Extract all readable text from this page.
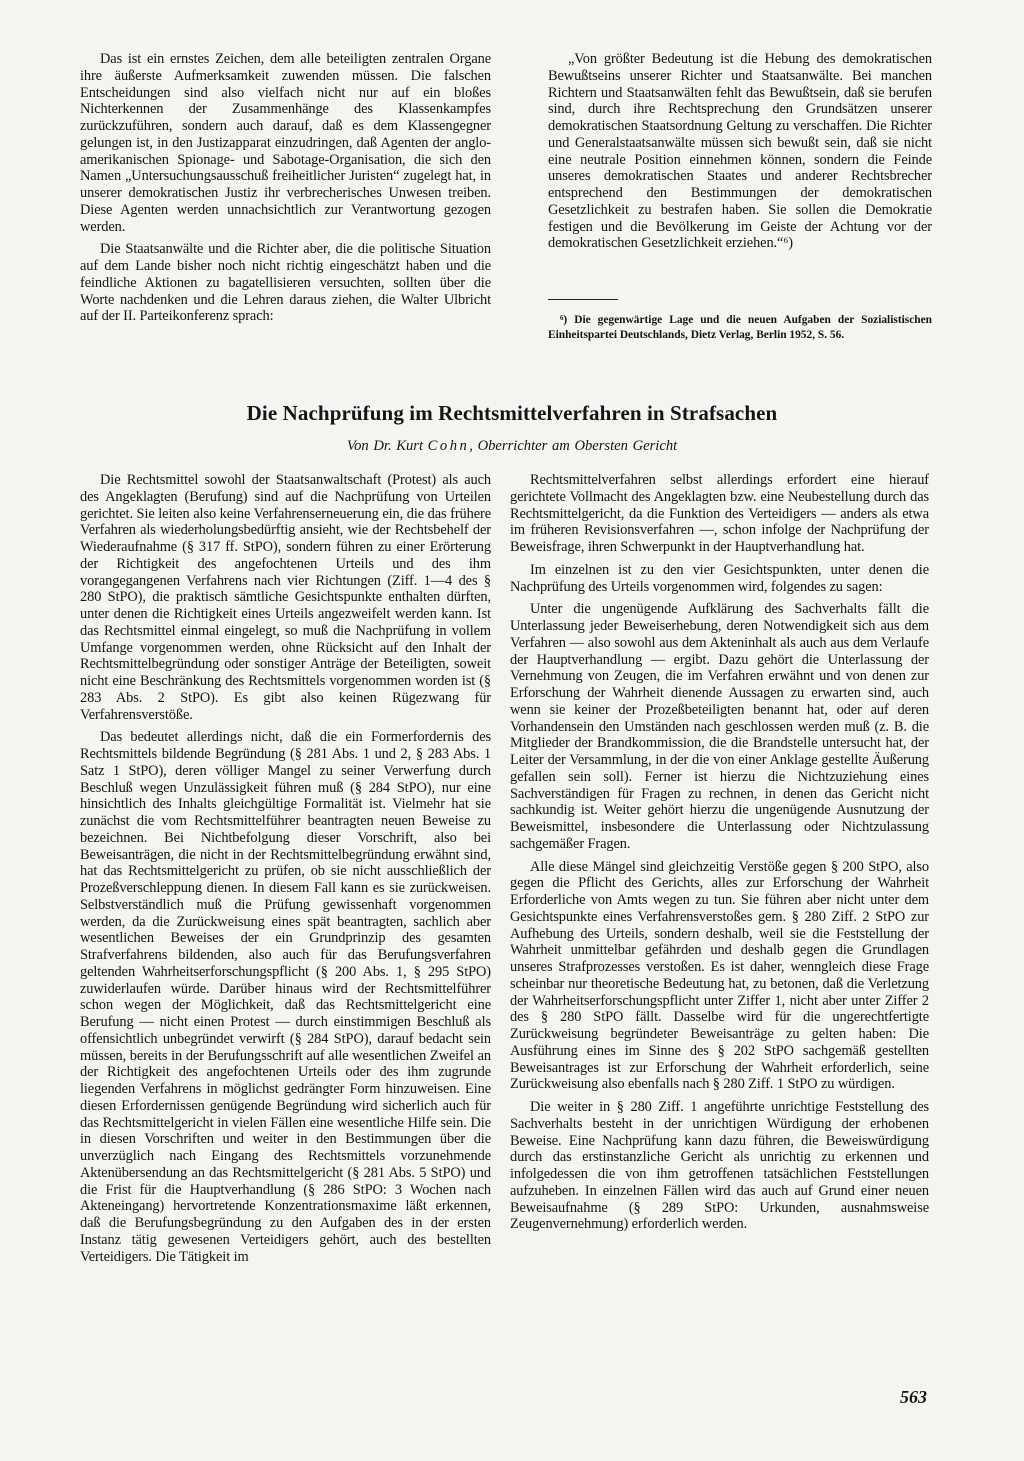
Das ist ein ernstes Zeichen, dem alle beteiligten zentralen Organe ihre äußerste Aufmerksamkeit zuwenden müssen. Die falschen Entscheidungen sind also vielfach nicht nur auf ein bloßes Nichterkennen der Zusammenhänge des Klassenkampfes zurückzuführen, sondern auch darauf, daß es dem Klassengegner gelungen ist, in den Justizapparat einzudringen, daß Agenten der anglo-amerikanischen Spionage- und Sabotage-Organisation, die sich den Namen „Untersuchungsausschuß freiheitlicher Juristen“ zugelegt hat, in unserer demokratischen Justiz ihr verbrecherisches Unwesen treiben. Diese Agenten werden unnachsichtlich zur Verantwortung gezogen werden.

Die Staatsanwälte und die Richter aber, die die politische Situation auf dem Lande bisher noch nicht richtig eingeschätzt haben und die feindliche Aktionen zu bagatellisieren versuchten, sollten über die Worte nachdenken und die Lehren daraus ziehen, die Walter Ulbricht auf der II. Parteikonferenz sprach:

„Von größter Bedeutung ist die Hebung des demokratischen Bewußtseins unserer Richter und Staatsanwälte. Bei manchen Richtern und Staatsanwälten fehlt das Bewußtsein, daß sie berufen sind, durch ihre Rechtsprechung den Grundsätzen unserer demokratischen Staatsordnung Geltung zu verschaffen. Die Richter und Generalstaatsanwälte müssen sich bewußt sein, daß sie nicht eine neutrale Position einnehmen können, sondern die Feinde unseres demokratischen Staates und anderer Rechtsbrecher entsprechend den Bestimmungen der demokratischen Gesetzlichkeit zu bestrafen haben. Sie sollen die Demokratie festigen und die Bevölkerung im Geiste der Achtung vor der demokratischen Gesetzlichkeit erziehen.“⁶)

⁶) Die gegenwärtige Lage und die neuen Aufgaben der Sozialistischen Einheitspartei Deutschlands, Dietz Verlag, Berlin 1952, S. 56.

Die Nachprüfung im Rechtsmittelverfahren in Strafsachen

Von Dr. Kurt Cohn, Oberrichter am Obersten Gericht

Die Rechtsmittel sowohl der Staatsanwaltschaft (Protest) als auch des Angeklagten (Berufung) sind auf die Nachprüfung von Urteilen gerichtet. Sie leiten also keine Verfahrenserneuerung ein, die das frühere Verfahren als wiederholungsbedürftig ansieht, wie der Rechtsbehelf der Wiederaufnahme (§ 317 ff. StPO), sondern führen zu einer Erörterung der Richtigkeit des angefochtenen Urteils und des ihm vorangegangenen Verfahrens nach vier Richtungen (Ziff. 1—4 des § 280 StPO), die praktisch sämtliche Gesichtspunkte enthalten dürften, unter denen die Richtigkeit eines Urteils angezweifelt werden kann. Ist das Rechtsmittel einmal eingelegt, so muß die Nachprüfung in vollem Umfange vorgenommen werden, ohne Rücksicht auf den Inhalt der Rechtsmittelbegründung oder sonstiger Anträge der Beteiligten, soweit nicht eine Beschränkung des Rechtsmittels vorgenommen worden ist (§ 283 Abs. 2 StPO). Es gibt also keinen Rügezwang für Verfahrensverstöße.

Das bedeutet allerdings nicht, daß die ein Formerfordernis des Rechtsmittels bildende Begründung (§ 281 Abs. 1 und 2, § 283 Abs. 1 Satz 1 StPO), deren völliger Mangel zu seiner Verwerfung durch Beschluß wegen Unzulässigkeit führen muß (§ 284 StPO), nur eine hinsichtlich des Inhalts gleichgültige Formalität ist. Vielmehr hat sie zunächst die vom Rechtsmittelführer beantragten neuen Beweise zu bezeichnen. Bei Nichtbefolgung dieser Vorschrift, also bei Beweisanträgen, die nicht in der Rechtsmittelbegründung erwähnt sind, hat das Rechtsmittelgericht zu prüfen, ob sie nicht ausschließlich der Prozeßverschleppung dienen. In diesem Fall kann es sie zurückweisen. Selbstverständlich muß die Prüfung gewissenhaft vorgenommen werden, da die Zurückweisung eines spät beantragten, sachlich aber wesentlichen Beweises der ein Grundprinzip des gesamten Strafverfahrens bildenden, also auch für das Berufungsverfahren geltenden Wahrheitserforschungspflicht (§ 200 Abs. 1, § 295 StPO) zuwiderlaufen würde. Darüber hinaus wird der Rechtsmittelführer schon wegen der Möglichkeit, daß das Rechtsmittelgericht eine Berufung — nicht einen Protest — durch einstimmigen Beschluß als offensichtlich unbegründet verwirft (§ 284 StPO), darauf bedacht sein müssen, bereits in der Berufungsschrift auf alle wesentlichen Zweifel an der Richtigkeit des angefochtenen Urteils oder des ihm zugrunde liegenden Verfahrens in möglichst gedrängter Form hinzuweisen. Eine diesen Erfordernissen genügende Begründung wird sicherlich auch für das Rechtsmittelgericht in vielen Fällen eine wesentliche Hilfe sein. Die in diesen Vorschriften und weiter in den Bestimmungen über die unverzüglich nach Eingang des Rechtsmittels vorzunehmende Aktenübersendung an das Rechtsmittelgericht (§ 281 Abs. 5 StPO) und die Frist für die Hauptverhandlung (§ 286 StPO: 3 Wochen nach Akteneingang) hervortretende Konzentrationsmaxime läßt erkennen, daß die Berufungsbegründung zu den Aufgaben des in der ersten Instanz tätig gewesenen Verteidigers gehört, auch des bestellten Verteidigers. Die Tätigkeit im

Rechtsmittelverfahren selbst allerdings erfordert eine hierauf gerichtete Vollmacht des Angeklagten bzw. eine Neubestellung durch das Rechtsmittelgericht, da die Funktion des Verteidigers — anders als etwa im früheren Revisionsverfahren —, schon infolge der Nachprüfung der Beweisfrage, ihren Schwerpunkt in der Hauptverhandlung hat.

Im einzelnen ist zu den vier Gesichtspunkten, unter denen die Nachprüfung des Urteils vorgenommen wird, folgendes zu sagen:

Unter die ungenügende Aufklärung des Sachverhalts fällt die Unterlassung jeder Beweiserhebung, deren Notwendigkeit sich aus dem Verfahren — also sowohl aus dem Akteninhalt als auch aus dem Verlaufe der Hauptverhandlung — ergibt. Dazu gehört die Unterlassung der Vernehmung von Zeugen, die im Verfahren erwähnt und von denen zur Erforschung der Wahrheit dienende Aussagen zu erwarten sind, auch wenn sie keiner der Prozeßbeteiligten benannt hat, oder auf deren Vorhandensein den Umständen nach geschlossen werden muß (z. B. die Mitglieder der Brandkommission, die die Brandstelle untersucht hat, der Leiter der Versammlung, in der die von einer Anklage gestellte Äußerung gefallen sein soll). Ferner ist hierzu die Nichtzuziehung eines Sachverständigen für Fragen zu rechnen, in denen das Gericht nicht sachkundig ist. Weiter gehört hierzu die ungenügende Ausnutzung der Beweismittel, insbesondere die Unterlassung oder Nichtzulassung sachgemäßer Fragen.

Alle diese Mängel sind gleichzeitig Verstöße gegen § 200 StPO, also gegen die Pflicht des Gerichts, alles zur Erforschung der Wahrheit Erforderliche von Amts wegen zu tun. Sie führen aber nicht unter dem Gesichtspunkte eines Verfahrensverstoßes gem. § 280 Ziff. 2 StPO zur Aufhebung des Urteils, sondern deshalb, weil sie die Feststellung der Wahrheit unmittelbar gefährden und deshalb gegen die Grundlagen unseres Strafprozesses verstoßen. Es ist daher, wenngleich diese Frage scheinbar nur theoretische Bedeutung hat, zu betonen, daß die Verletzung der Wahrheitserforschungspflicht unter Ziffer 1, nicht aber unter Ziffer 2 des § 280 StPO fällt. Dasselbe wird für die ungerechtfertigte Zurückweisung begründeter Beweisanträge zu gelten haben: Die Ausführung eines im Sinne des § 202 StPO sachgemäß gestellten Beweisantrages ist zur Erforschung der Wahrheit erforderlich, seine Zurückweisung also ebenfalls nach § 280 Ziff. 1 StPO zu würdigen.

Die weiter in § 280 Ziff. 1 angeführte unrichtige Feststellung des Sachverhalts besteht in der unrichtigen Würdigung der erhobenen Beweise. Eine Nachprüfung kann dazu führen, die Beweiswürdigung durch das erstinstanzliche Gericht als unrichtig zu erkennen und infolgedessen die von ihm getroffenen tatsächlichen Feststellungen aufzuheben. In einzelnen Fällen wird das auch auf Grund einer neuen Beweisaufnahme (§ 289 StPO: Urkunden, ausnahmsweise Zeugenvernehmung) erforderlich werden.

563
